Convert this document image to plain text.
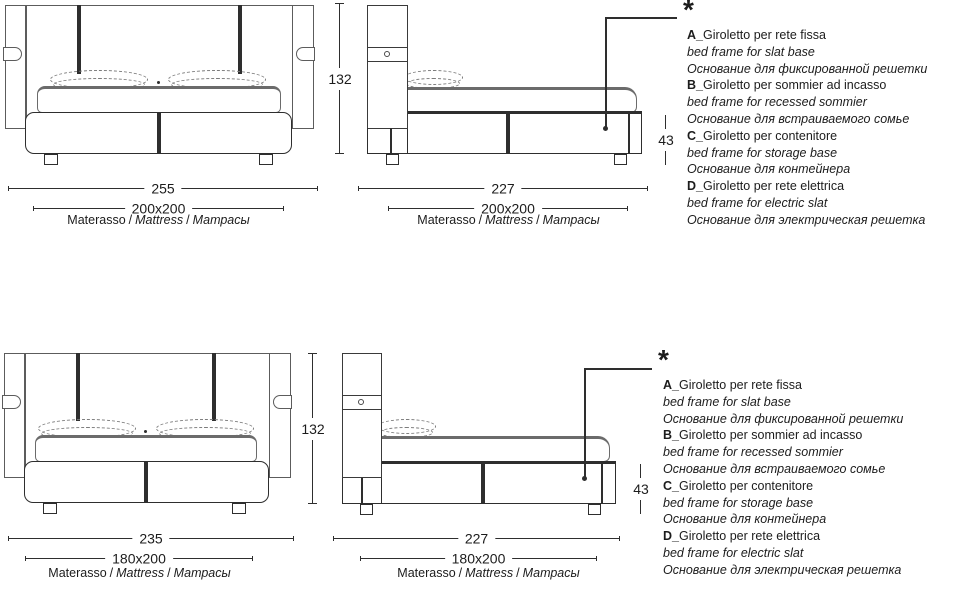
255
200x200
Materasso / Mattress / Матрасы
132
*
43
227
200x200
Materasso / Mattress / Матрасы
A_Giroletto per rete fissa
bed frame for slat base
Основание для фиксированной решетки
B_Giroletto per sommier ad incasso
bed frame for recessed sommier
Основание для встраиваемого сомье
C_Giroletto per contenitore
bed frame for storage base
Основание для контейнера
D_Giroletto per rete elettrica
bed frame for electric slat
Основание для электрическая решетка
132
235
180x200
Materasso / Mattress / Матрасы
*
43
227
180x200
Materasso / Mattress / Матрасы
A_Giroletto per rete fissa
bed frame for slat base
Основание для фиксированной решетки
B_Giroletto per sommier ad incasso
bed frame for recessed sommier
Основание для встраиваемого сомье
C_Giroletto per contenitore
bed frame for storage base
Основание для контейнера
D_Giroletto per rete elettrica
bed frame for electric slat
Основание для электрическая решетка
